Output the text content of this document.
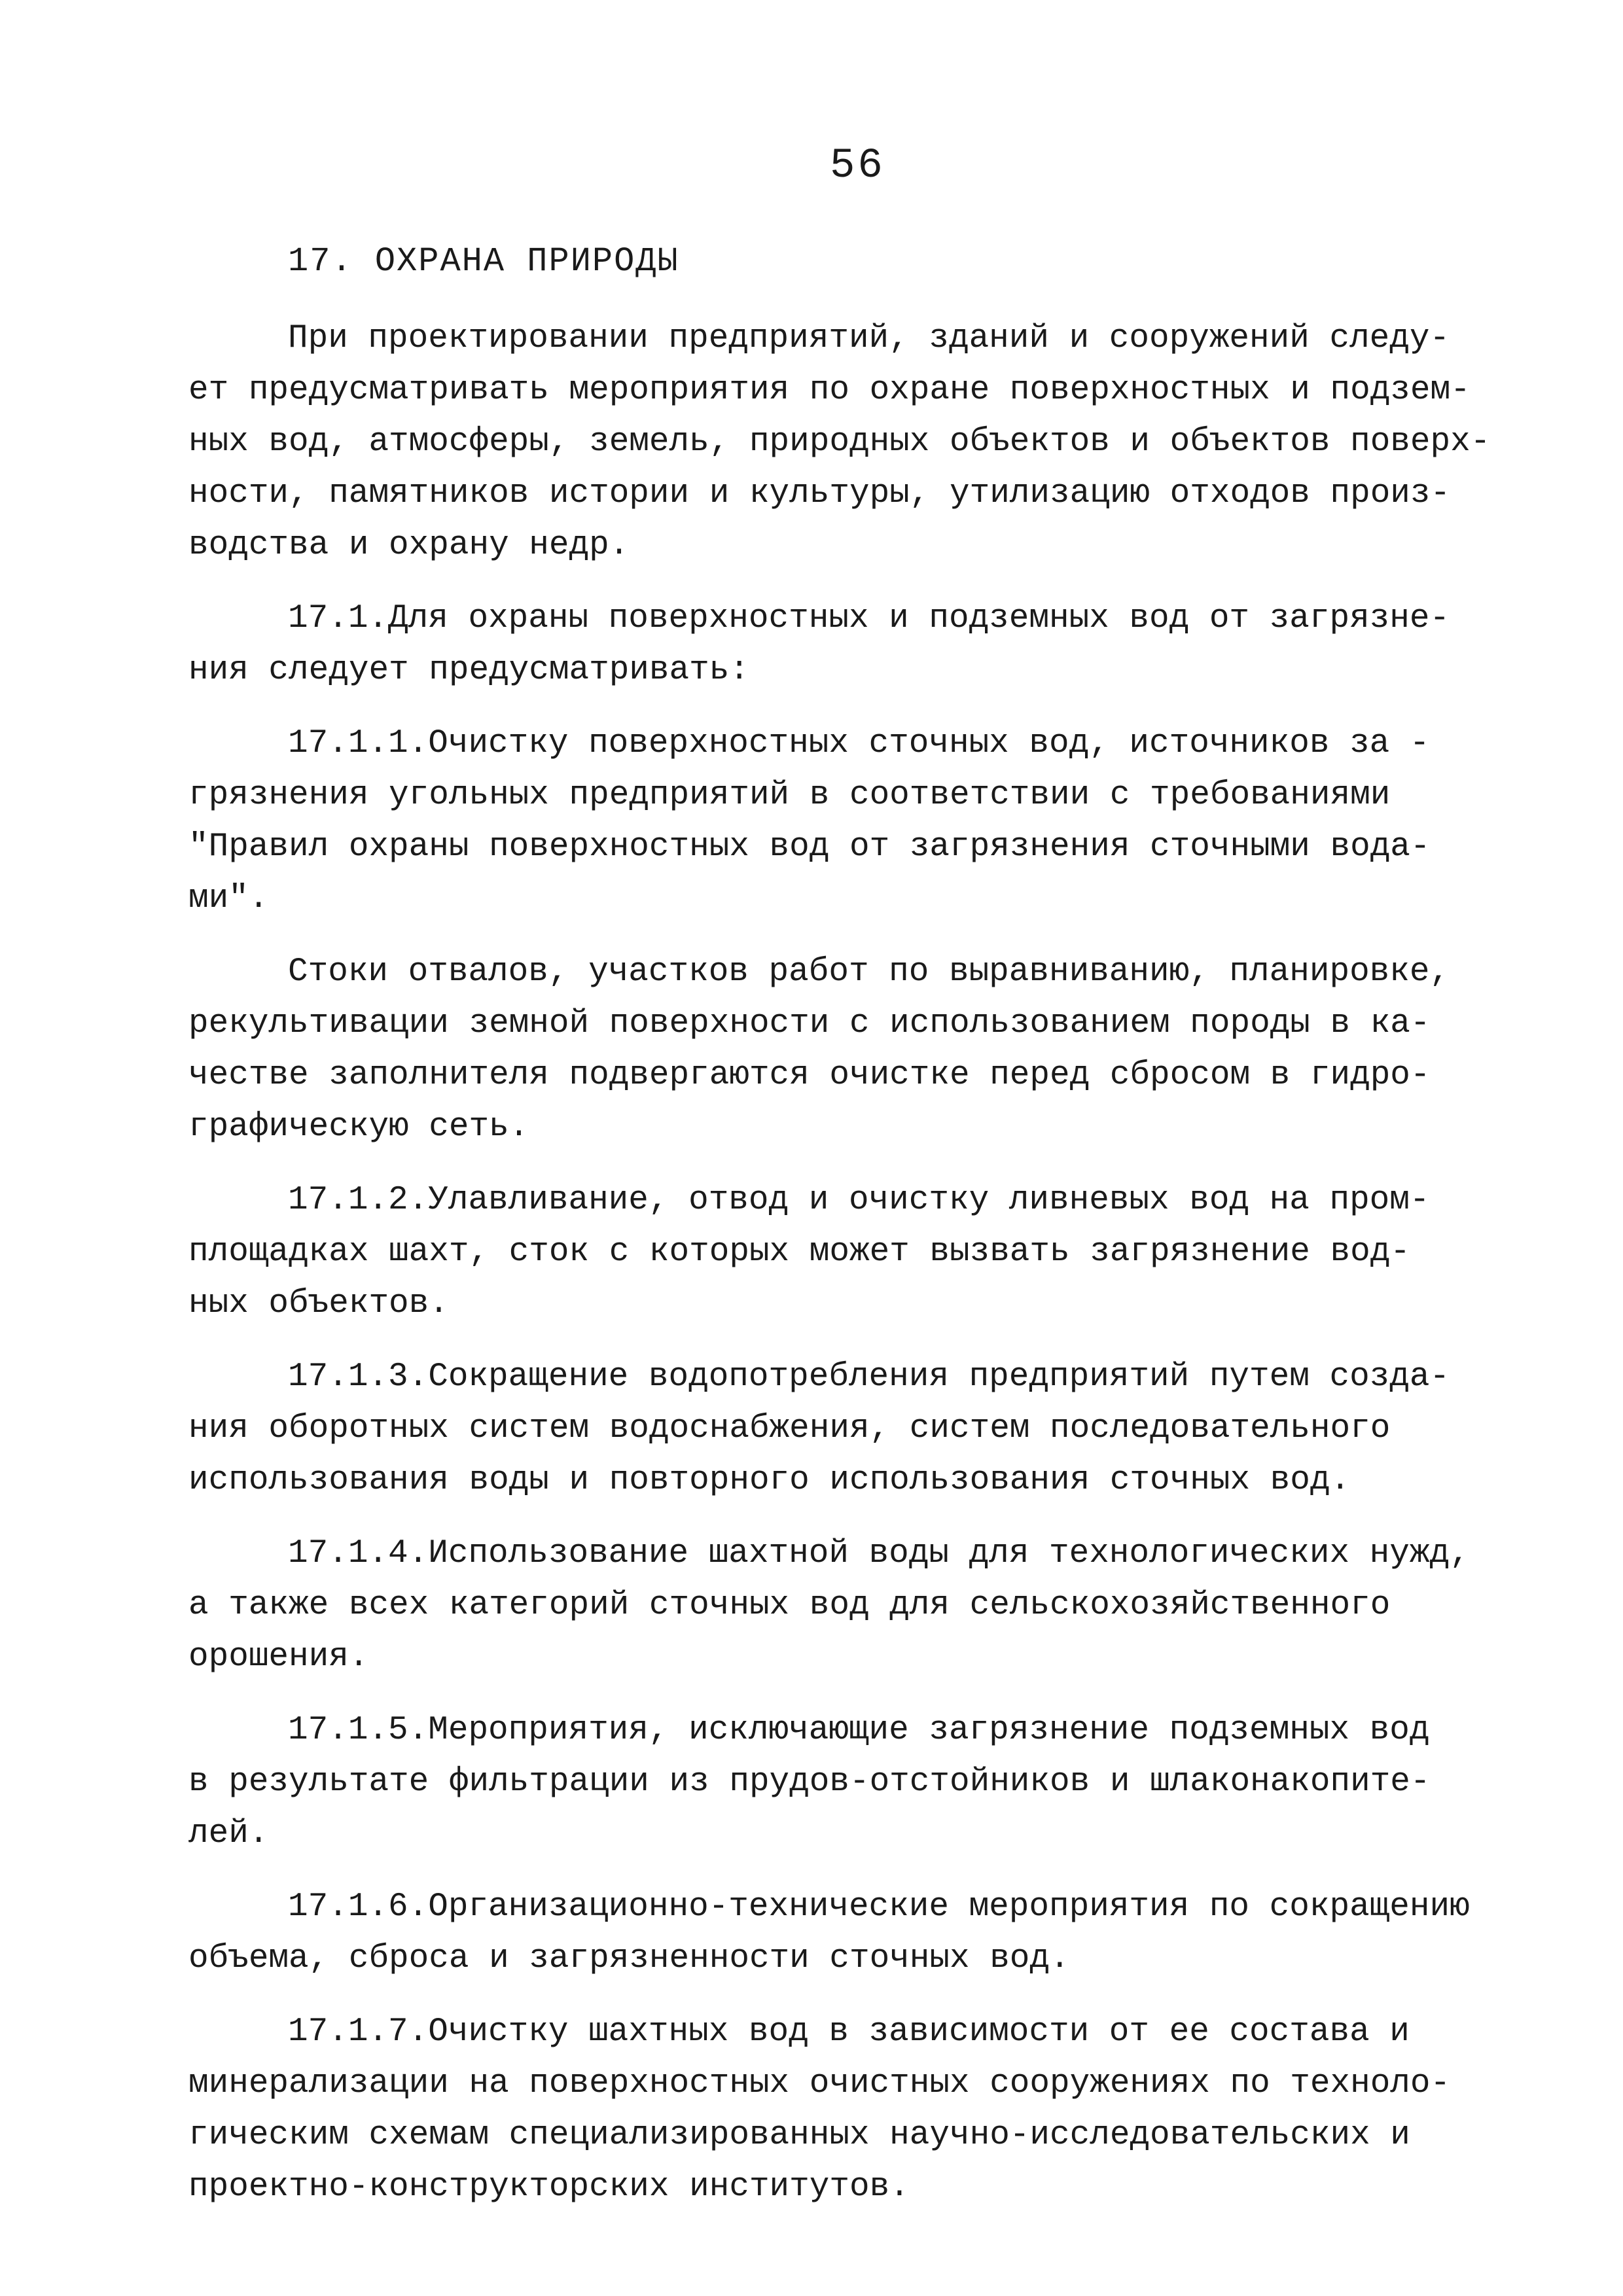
56
17. ОХРАНА ПРИРОДЫ
При проектировании предприятий, зданий и сооружений следу-
ет предусматривать мероприятия по охране поверхностных и подзем-
ных вод, атмосферы, земель, природных объектов и объектов поверх-
ности, памятников истории и культуры, утилизацию отходов произ-
водства и охрану недр.
17.1.Для охраны поверхностных и подземных вод от загрязне-
ния следует предусматривать:
17.1.1.Очистку поверхностных сточных вод, источников за -
грязнения угольных предприятий в соответствии с требованиями
"Правил охраны поверхностных вод от загрязнения сточными вода-
ми".
Стоки отвалов, участков работ по выравниванию, планировке,
рекультивации земной поверхности с использованием породы в ка-
честве заполнителя подвергаются очистке перед сбросом в гидро-
графическую сеть.
17.1.2.Улавливание, отвод и очистку ливневых вод на пром-
площадках шахт, сток с которых может вызвать загрязнение вод-
ных объектов.
17.1.3.Сокращение водопотребления предприятий путем созда-
ния оборотных систем водоснабжения, систем последовательного
использования воды и повторного использования сточных вод.
17.1.4.Использование шахтной воды для технологических нужд,
а также всех категорий сточных вод для сельскохозяйственного
орошения.
17.1.5.Мероприятия, исключающие загрязнение подземных вод
в результате фильтрации из прудов-отстойников и шлаконакопите-
лей.
17.1.6.Организационно-технические мероприятия по сокращению
объема, сброса и загрязненности сточных вод.
17.1.7.Очистку шахтных вод в зависимости от ее состава и
минерализации на поверхностных очистных сооружениях по техноло-
гическим схемам специализированных научно-исследовательских и
проектно-конструкторских институтов.
